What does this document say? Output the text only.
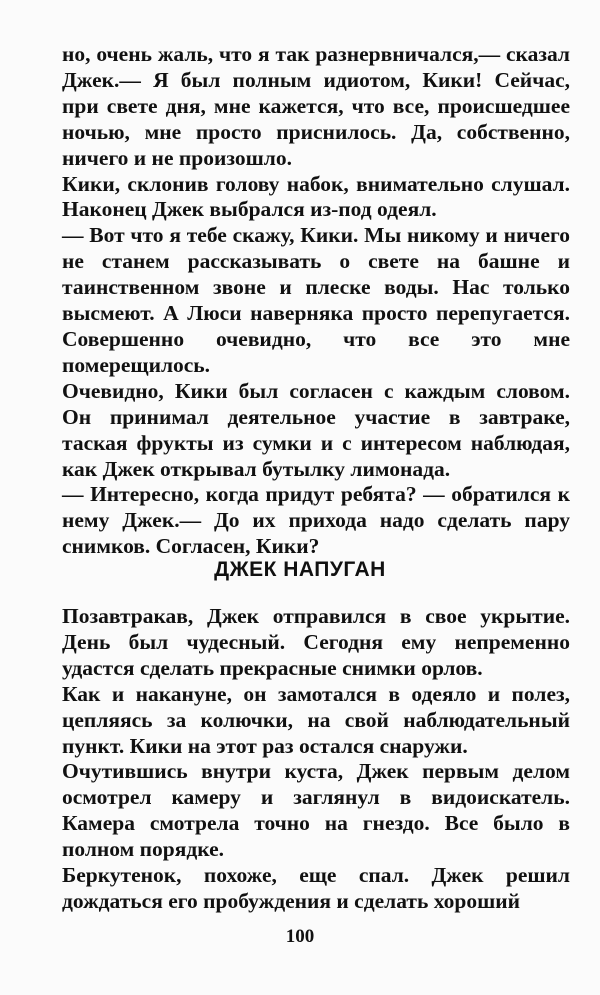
но, очень жаль, что я так разнервничался,— сказал Джек.— Я был полным идиотом, Кики! Сейчас, при свете дня, мне кажется, что все, происшедшее ночью, мне просто приснилось. Да, собственно, ничего и не произошло.

Кики, склонив голову набок, внимательно слушал. Наконец Джек выбрался из-под одеял.

— Вот что я тебе скажу, Кики. Мы никому и ничего не станем рассказывать о свете на башне и таинственном звоне и плеске воды. Нас только высмеют. А Люси наверняка просто перепугается. Совершенно очевидно, что все это мне померещилось.

Очевидно, Кики был согласен с каждым словом. Он принимал деятельное участие в завтраке, таская фрукты из сумки и с интересом наблюдая, как Джек открывал бутылку лимонада.

— Интересно, когда придут ребята? — обратился к нему Джек.— До их прихода надо сделать пару снимков. Согласен, Кики?

ДЖЕК НАПУГАН

Позавтракав, Джек отправился в свое укрытие. День был чудесный. Сегодня ему непременно удастся сделать прекрасные снимки орлов.

Как и накануне, он замотался в одеяло и полез, цепляясь за колючки, на свой наблюдательный пункт. Кики на этот раз остался снаружи.

Очутившись внутри куста, Джек первым делом осмотрел камеру и заглянул в видоискатель. Камера смотрела точно на гнездо. Все было в полном порядке.

Беркутенок, похоже, еще спал. Джек решил дождаться его пробуждения и сделать хороший

100
